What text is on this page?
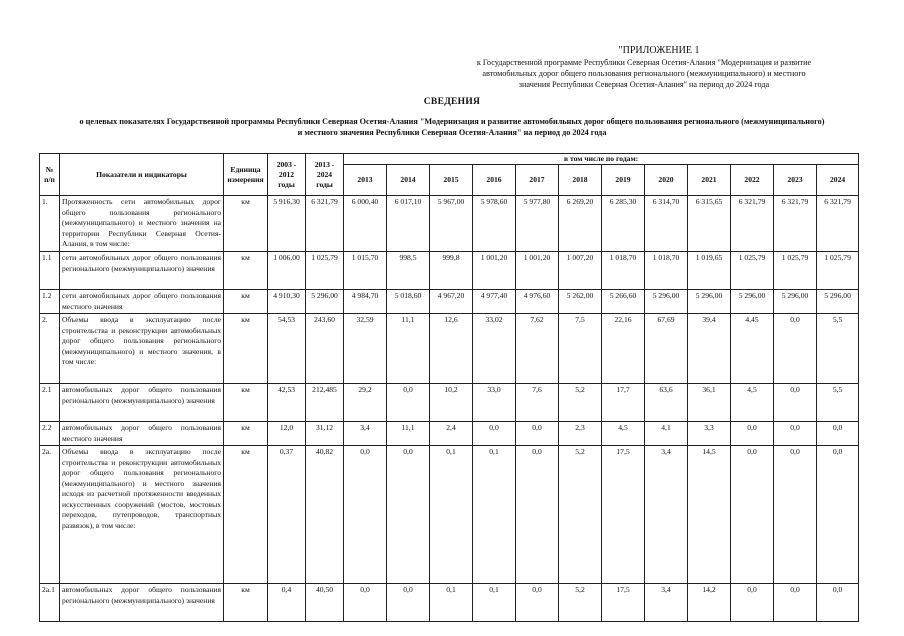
"ПРИЛОЖЕНИЕ 1
к Государственной программе Республики Северная Осетия-Алания "Модернизация и развитие
автомобильных дорог общего пользования регионального (межмуниципального) и местного
значения Республики Северная Осетия-Алания" на период до 2024 года
СВЕДЕНИЯ
о целевых показателях Государственной программы Республики Северная Осетия-Алания "Модернизация и развитие автомобильных дорог общего пользования регионального (межмуниципального)
и местного значения Республики Северная Осетия-Алания" на период до 2024 года
№ п/п	Показатели и индикаторы	Единица измерения	2003 - 2012 годы	2013 - 2024 годы	в том числе по годам:											
					2013	2014	2015	2016	2017	2018	2019	2020	2021	2022	2023	2024
1.	Протяженность сети автомобильных дорог общего пользования регионального (межмуниципального) и местного значения на территории Республики Северная Осетия-Алания, в том числе:	км	5 916,30	6 321,79	6 000,40	6 017,10	5 967,00	5 978,60	5 977,80	6 269,20	6 285,30	6 314,70	6 315,65	6 321,79	6 321,79	6 321,79
1.1	сети автомобильных дорог общего пользования регионального (межмуниципального) значения	км	1 006,00	1 025,79	1 015,70	998,5	999,8	1 001,20	1 001,20	1 007,20	1 018,70	1 018,70	1 019,65	1 025,79	1 025,79	1 025,79
1.2	сети автомобильных дорог общего пользования местного значения	км	4 910,30	5 296,00	4 984,70	5 018,60	4 967,20	4 977,40	4 976,60	5 262,00	5 266,60	5 296,00	5 296,00	5 296,00	5 296,00	5 296,00
2.	Объемы ввода в эксплуатацию после строительства и реконструкции автомобильных дорог общего пользования регионального (межмуниципального) и местного значения, в том числе:	км	54,53	243,60	32,59	11,1	12,6	33,02	7,62	7,5	22,16	67,69	39,4	4,45	0,0	5,5
2.1	автомобильных дорог общего пользования регионального (межмуниципального) значения	км	42,53	212,485	29,2	0,0	10,2	33,0	7,6	5,2	17,7	63,6	36,1	4,5	0,0	5,5
2.2	автомобильных дорог общего пользования местного значения	км	12,0	31,12	3,4	11,1	2,4	0,0	0,0	2,3	4,5	4,1	3,3	0,0	0,0	0,0
2а.	Объемы ввода в эксплуатацию после строительства и реконструкции автомобильных дорог общего пользования регионального (межмуниципального) и местного значения исходя из расчетной протяженности введенных искусственных сооружений (мостов, мостовых переходов, путепроводов, транспортных развязок), в том числе:	км	0,37	40,82	0,0	0,0	0,1	0,1	0,0	5,2	17,5	3,4	14,5	0,0	0,0	0,0
2а.1	автомобильных дорог общего пользования регионального (межмуниципального) значения	км	0,4	40,50	0,0	0,0	0,1	0,1	0,0	5,2	17,5	3,4	14,2	0,0	0,0	0,0
